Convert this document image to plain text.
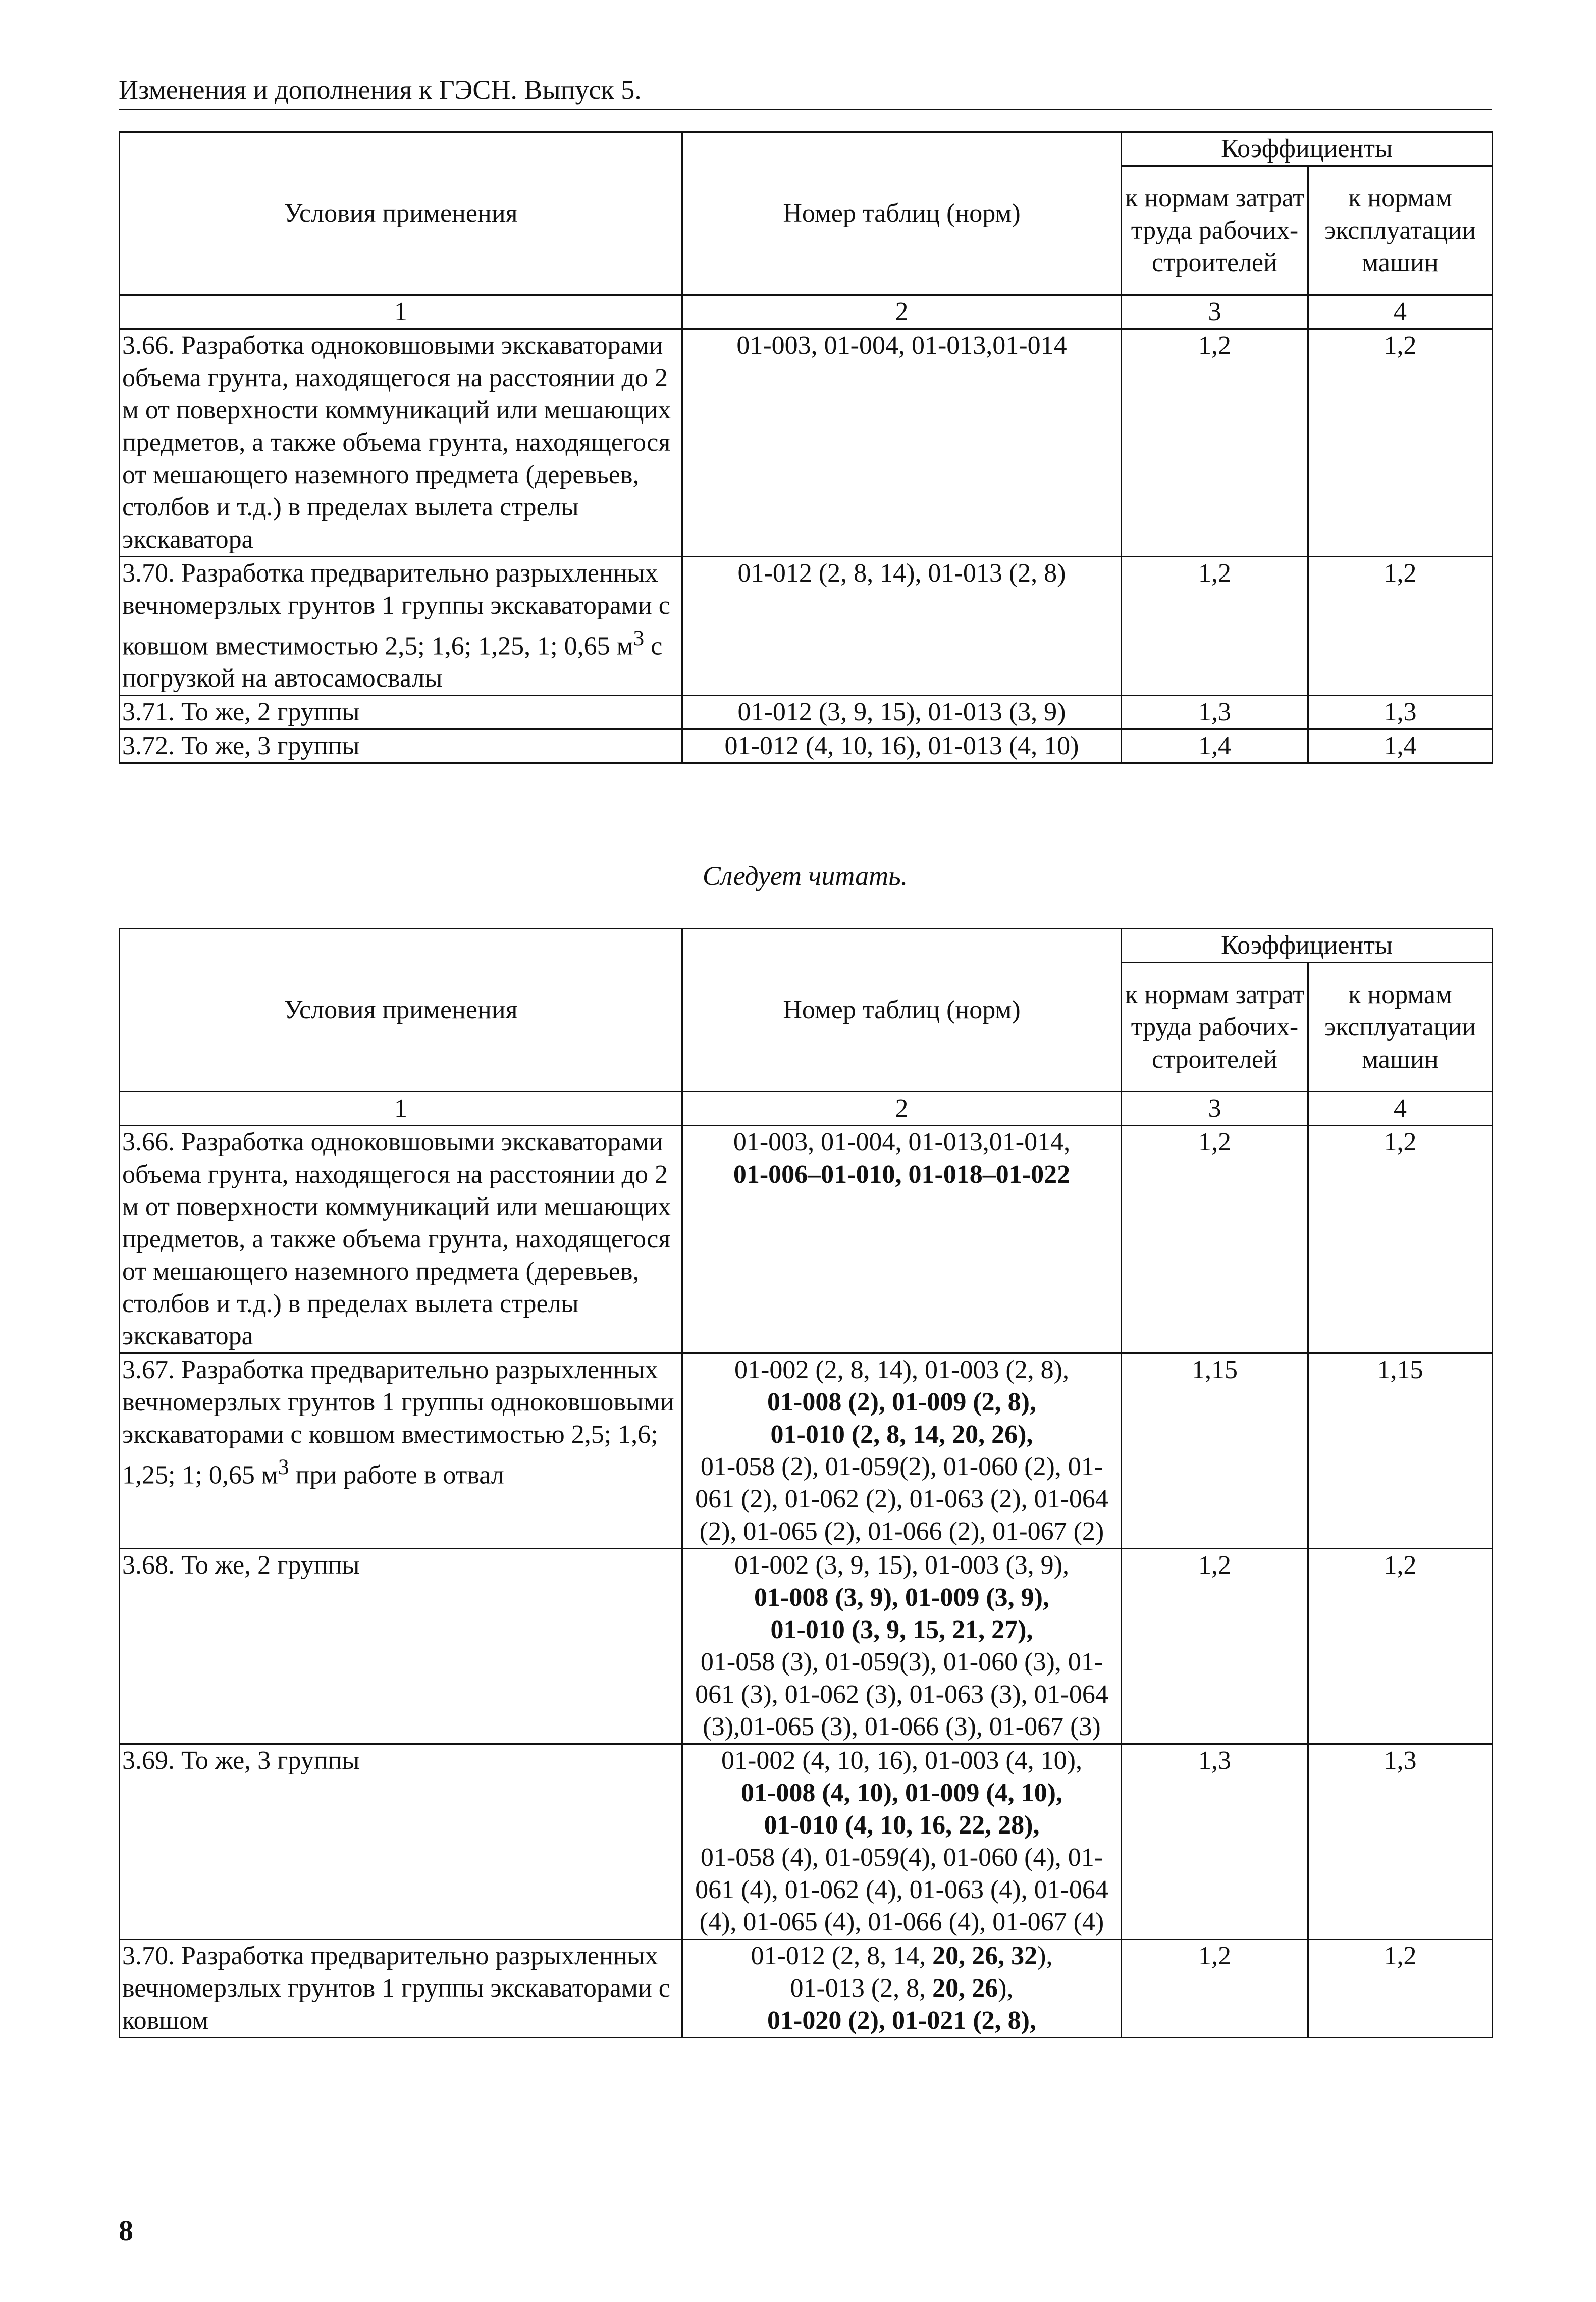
Изменения и дополнения к ГЭСН. Выпуск 5.
Условия применения	Номер таблиц (норм)	Коэффициенты	
		к нормам затрат труда рабочих-строителей	к нормам эксплуатации машин
1	2	3	4
3.66. Разработка одноковшовыми экскаваторами объема грунта, находящегося на расстоянии до 2 м от поверхности коммуникаций или мешающих предметов, а также объема грунта, находящегося от мешающего наземного предмета (деревьев, столбов и т.д.) в пределах вылета стрелы экскаватора	01-003, 01-004, 01-013,01-014	1,2	1,2
3.70. Разработка предварительно разрыхленных вечномерзлых грунтов 1 группы экскаваторами с ковшом вместимостью 2,5; 1,6; 1,25, 1; 0,65 $м^3$ с погрузкой на автосамосвалы	01-012 (2, 8, 14), 01-013 (2, 8)	1,2	1,2
3.71. То же, 2 группы	01-012 (3, 9, 15), 01-013 (3, 9)	1,3	1,3
3.72. То же, 3 группы	01-012 (4, 10, 16), 01-013 (4, 10)	1,4	1,4
Следует читать.
Условия применения	Номер таблиц (норм)	Коэффициенты	
		к нормам затрат труда рабочих-строителей	к нормам эксплуатации машин
1	2	3	4
3.66. Разработка одноковшовыми экскаваторами объема грунта, находящегося на расстоянии до 2 м от поверхности коммуникаций или мешающих предметов, а также объема грунта, находящегося от мешающего наземного предмета (деревьев, столбов и т.д.) в пределах вылета стрелы экскаватора	01-003, 01-004, 01-013,01-014,
01-006–01-010, 01-018–01-022	1,2	1,2
3.67. Разработка предварительно разрыхленных вечномерзлых грунтов 1 группы одноковшовыми экскаваторами с ковшом вместимостью 2,5; 1,6; 1,25; 1; 0,65 $м^3$ при работе в отвал	01-002 (2, 8, 14), 01-003 (2, 8),
01-008 (2), 01-009 (2, 8),
01-010 (2, 8, 14, 20, 26),
01-058 (2), 01-059(2), 01-060 (2), 01-061 (2), 01-062 (2), 01-063 (2), 01-064 (2), 01-065 (2), 01-066 (2), 01-067 (2)	1,15	1,15
3.68. То же, 2 группы	01-002 (3, 9, 15), 01-003 (3, 9),
01-008 (3, 9), 01-009 (3, 9),
01-010 (3, 9, 15, 21, 27),
01-058 (3), 01-059(3), 01-060 (3), 01-061 (3), 01-062 (3), 01-063 (3), 01-064 (3),01-065 (3), 01-066 (3), 01-067 (3)	1,2	1,2
3.69. То же, 3 группы	01-002 (4, 10, 16), 01-003 (4, 10),
01-008 (4, 10), 01-009 (4, 10),
01-010 (4, 10, 16, 22, 28),
01-058 (4), 01-059(4), 01-060 (4), 01-061 (4), 01-062 (4), 01-063 (4), 01-064 (4), 01-065 (4), 01-066 (4), 01-067 (4)	1,3	1,3
3.70. Разработка предварительно разрыхленных вечномерзлых грунтов 1 группы экскаваторами с ковшом	01-012 (2, 8, 14, 20, 26, 32),
01-013 (2, 8, 20, 26),
01-020 (2), 01-021 (2, 8),	1,2	1,2
8
